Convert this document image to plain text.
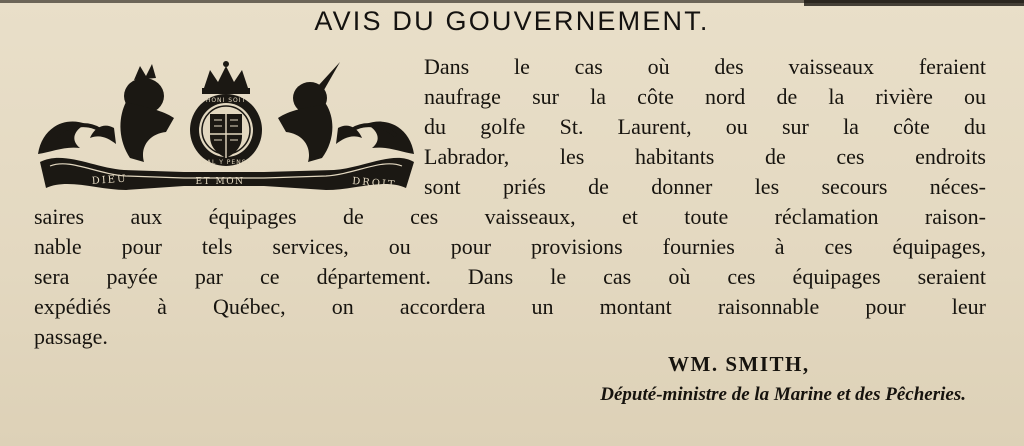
AVIS DU GOUVERNEMENT.
HONI SOIT
MAL Y PENSE
DIEU	ET MON	DROIT
Dans le cas où des vaisseaux feraient
naufrage sur la côte nord de la rivière ou
du golfe St. Laurent, ou sur la côte du
Labrador, les habitants de ces endroits
sont priés de donner les secours néces-
saires aux équipages de ces vaisseaux, et toute réclamation raison-
nable pour tels services, ou pour provisions fournies à ces équipages,
sera payée par ce département. Dans le cas où ces équipages seraient
expédiés à Québec, on accordera un montant raisonnable pour leur
passage.
WM. SMITH,
Député-ministre de la Marine et des Pêcheries.
